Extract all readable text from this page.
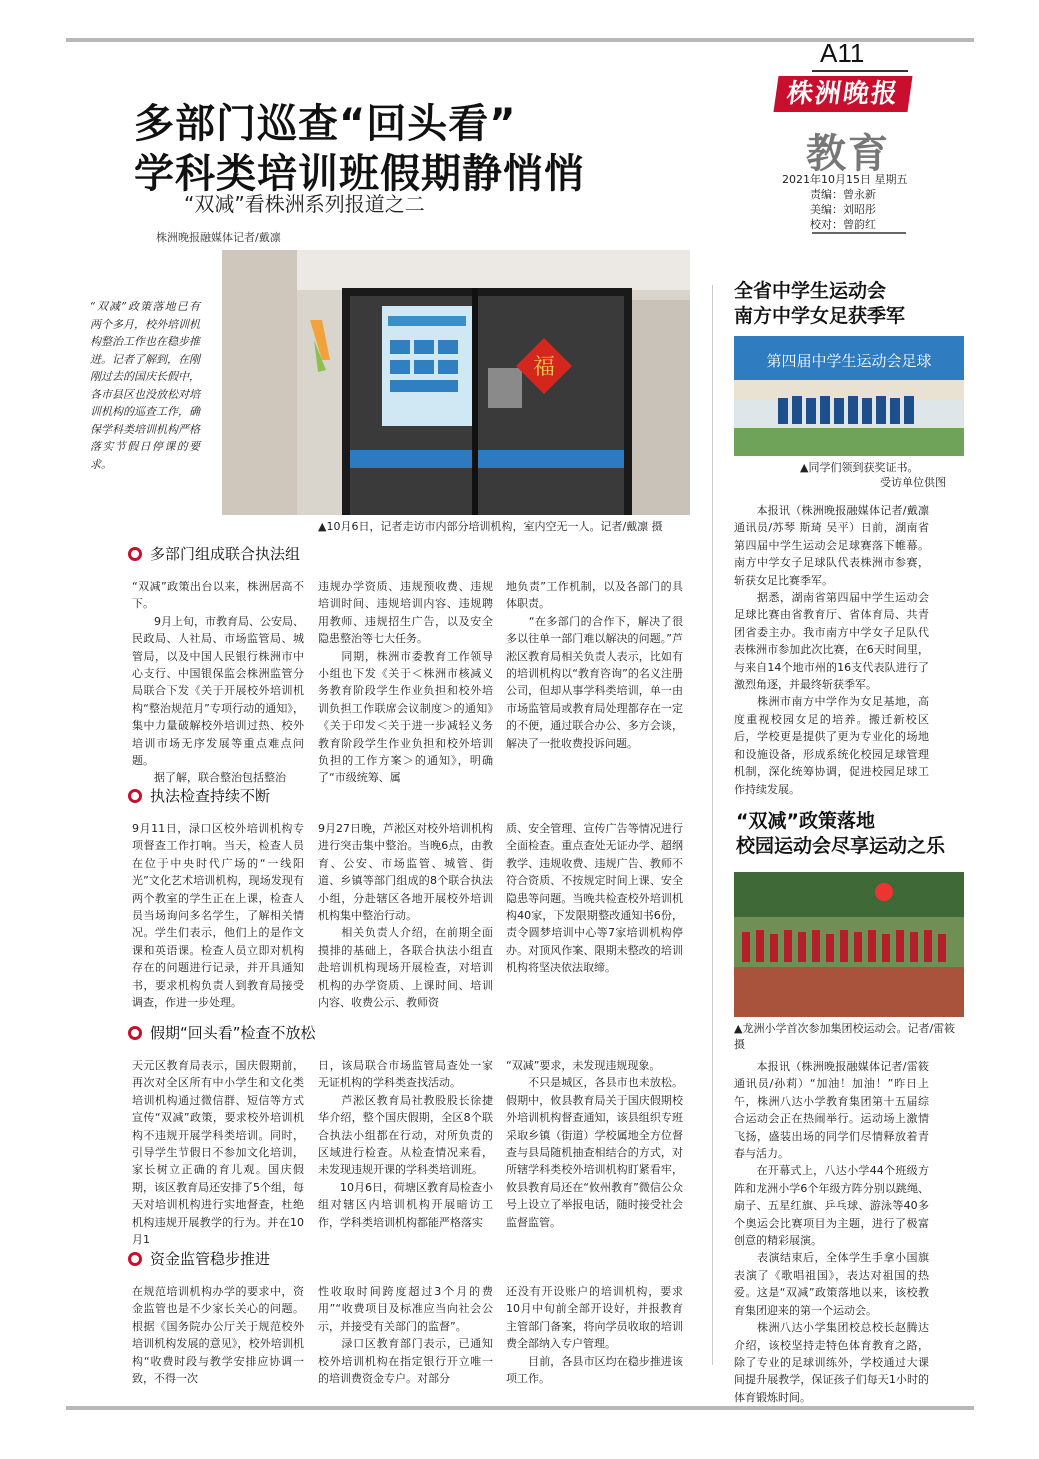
A11
株洲晚报
教育
2021年10月15日 星期五
责编：曾永新
美编：刘昭彤
校对：曾韵红
多部门巡查“回头看”
学科类培训班假期静悄悄
“双减”看株洲系列报道之二
株洲晚报融媒体记者/戴凛
“双减”政策落地已有两个多月，校外培训机构整治工作也在稳步推进。记者了解到，在刚刚过去的国庆长假中，各市县区也没放松对培训机构的巡查工作，确保学科类培训机构严格落实节假日停课的要求。
福
▲10月6日，记者走访市内部分培训机构，室内空无一人。记者/戴凛 摄
多部门组成联合执法组
“双减”政策出台以来，株洲居高不下。
　　9月上旬，市教育局、公安局、民政局、人社局、市场监管局、城管局，以及中国人民银行株洲市中心支行、中国银保监会株洲监管分局联合下发《关于开展校外培训机构“整治规范月”专项行动的通知》，集中力量破解校外培训过热、校外培训市场无序发展等重点难点问题。
　　据了解，联合整治包括整治
违规办学资质、违规预收费、违规培训时间、违规培训内容、违规聘用教师、违规招生广告，以及安全隐患整治等七大任务。
　　同期，株洲市委教育工作领导小组也下发《关于＜株洲市核减义务教育阶段学生作业负担和校外培训负担工作联席会议制度＞的通知》《关于印发＜关于进一步减轻义务教育阶段学生作业负担和校外培训负担的工作方案＞的通知》，明确了“市级统筹、属
地负责”工作机制，以及各部门的具体职责。
　　“在多部门的合作下，解决了很多以往单一部门难以解决的问题。”芦淞区教育局相关负责人表示，比如有的培训机构以“教育咨询”的名义注册公司，但却从事学科类培训，单一由市场监管局或教育局处理都存在一定的不便，通过联合办公、多方会谈，解决了一批收费投诉问题。
执法检查持续不断
9月11日，渌口区校外培训机构专项督查工作打响。当天，检查人员在位于中央时代广场的“一线阳光”文化艺术培训机构，现场发现有两个教室的学生正在上课，检查人员当场询问多名学生，了解相关情况。学生们表示，他们上的是作文课和英语课。检查人员立即对机构存在的问题进行记录，并开具通知书，要求机构负责人到教育局接受调查，作进一步处理。
9月27日晚，芦淞区对校外培训机构进行突击集中整治。当晚6点，由教育、公安、市场监管、城管、街道、乡镇等部门组成的8个联合执法小组，分赴辖区各地开展校外培训机构集中整治行动。
　　相关负责人介绍，在前期全面摸排的基础上，各联合执法小组直赴培训机构现场开展检查，对培训机构的办学资质、上课时间、培训内容、收费公示、教师资
质、安全管理、宣传广告等情况进行全面检查。重点查处无证办学、超纲教学、违规收费、违规广告、教师不符合资质、不按规定时间上课、安全隐患等问题。当晚共检查校外培训机构40家，下发限期整改通知书6份，责令圆梦培训中心等7家培训机构停办。对顶风作案、限期未整改的培训机构将坚决依法取缔。
假期“回头看”检查不放松
天元区教育局表示，国庆假期前，再次对全区所有中小学生和文化类培训机构通过微信群、短信等方式宣传“双减”政策，要求校外培训机构不违规开展学科类培训。同时，引导学生节假日不参加文化培训，家长树立正确的育儿观。国庆假期，该区教育局还安排了5个组，每天对培训机构进行实地督查，杜绝机构违规开展教学的行为。并在10月1
日，该局联合市场监管局查处一家无证机构的学科类查找活动。
　　芦淞区教育局社教股股长徐捷华介绍，整个国庆假期，全区8个联合执法小组都在行动，对所负责的区域进行检查。从检查情况来看，未发现违规开课的学科类培训班。
　　10月6日，荷塘区教育局检查小组对辖区内培训机构开展暗访工作，学科类培训机构都能严格落实
“双减”要求，未发现违规现象。
　　不只是城区，各县市也未放松。假期中，攸县教育局关于国庆假期校外培训机构督查通知，该县组织专班采取乡镇（街道）学校属地全方位督查与县局随机抽查相结合的方式，对所辖学科类校外培训机构盯紧看牢，攸县教育局还在“攸州教育”微信公众号上设立了举报电话，随时接受社会监督监管。
资金监管稳步推进
在规范培训机构办学的要求中，资金监管也是不少家长关心的问题。根据《国务院办公厅关于规范校外培训机构发展的意见》，校外培训机构“收费时段与教学安排应协调一致，不得一次
性收取时间跨度超过3个月的费用”“收费项目及标准应当向社会公示，并接受有关部门的监督”。
　　渌口区教育部门表示，已通知校外培训机构在指定银行开立唯一的培训费资金专户。对部分
还没有开设账户的培训机构，要求10月中旬前全部开设好，并报教育主管部门备案，将向学员收取的培训费全部纳入专户管理。
　　目前，各县市区均在稳步推进该项工作。
全省中学生运动会
南方中学女足获季军
第四届中学生运动会足球
▲同学们领到获奖证书。
受访单位供图
　　本报讯（株洲晚报融媒体记者/戴凛 通讯员/苏琴 斯琦 吴平）日前，湖南省第四届中学生运动会足球赛落下帷幕。南方中学女子足球队代表株洲市参赛，斩获女足比赛季军。
　　据悉，湖南省第四届中学生运动会足球比赛由省教育厅、省体育局、共青团省委主办。我市南方中学女子足队代表株洲市参加此次比赛，在6天时间里，与来自14个地市州的16支代表队进行了激烈角逐，并最终斩获季军。
　　株洲市南方中学作为女足基地，高度重视校园女足的培养。搬迁新校区后，学校更是提供了更为专业化的场地和设施设备，形成系统化校园足球管理机制，深化统筹协调，促进校园足球工作持续发展。
“双减”政策落地
校园运动会尽享运动之乐
▲龙洲小学首次参加集团校运动会。记者/雷筱 摄
　　本报讯（株洲晚报融媒体记者/雷筱 通讯员/孙莉）“加油！加油！”昨日上午，株洲八达小学教育集团第十五届综合运动会正在热闹举行。运动场上激情飞扬，盛装出场的同学们尽情释放着青春与活力。
　　在开幕式上，八达小学44个班级方阵和龙洲小学6个年级方阵分别以跳绳、扇子、五星红旗、乒乓球、游泳等40多个奥运会比赛项目为主题，进行了极富创意的精彩展演。
　　表演结束后，全体学生手拿小国旗表演了《歌唱祖国》，表达对祖国的热爱。这是“双减”政策落地以来，该校教育集团迎来的第一个运动会。
　　株洲八达小学集团校总校长赵腾达介绍，该校坚持走特色体育教育之路，除了专业的足球训练外，学校通过大课间提升展教学，保证孩子们每天1小时的体育锻炼时间。
